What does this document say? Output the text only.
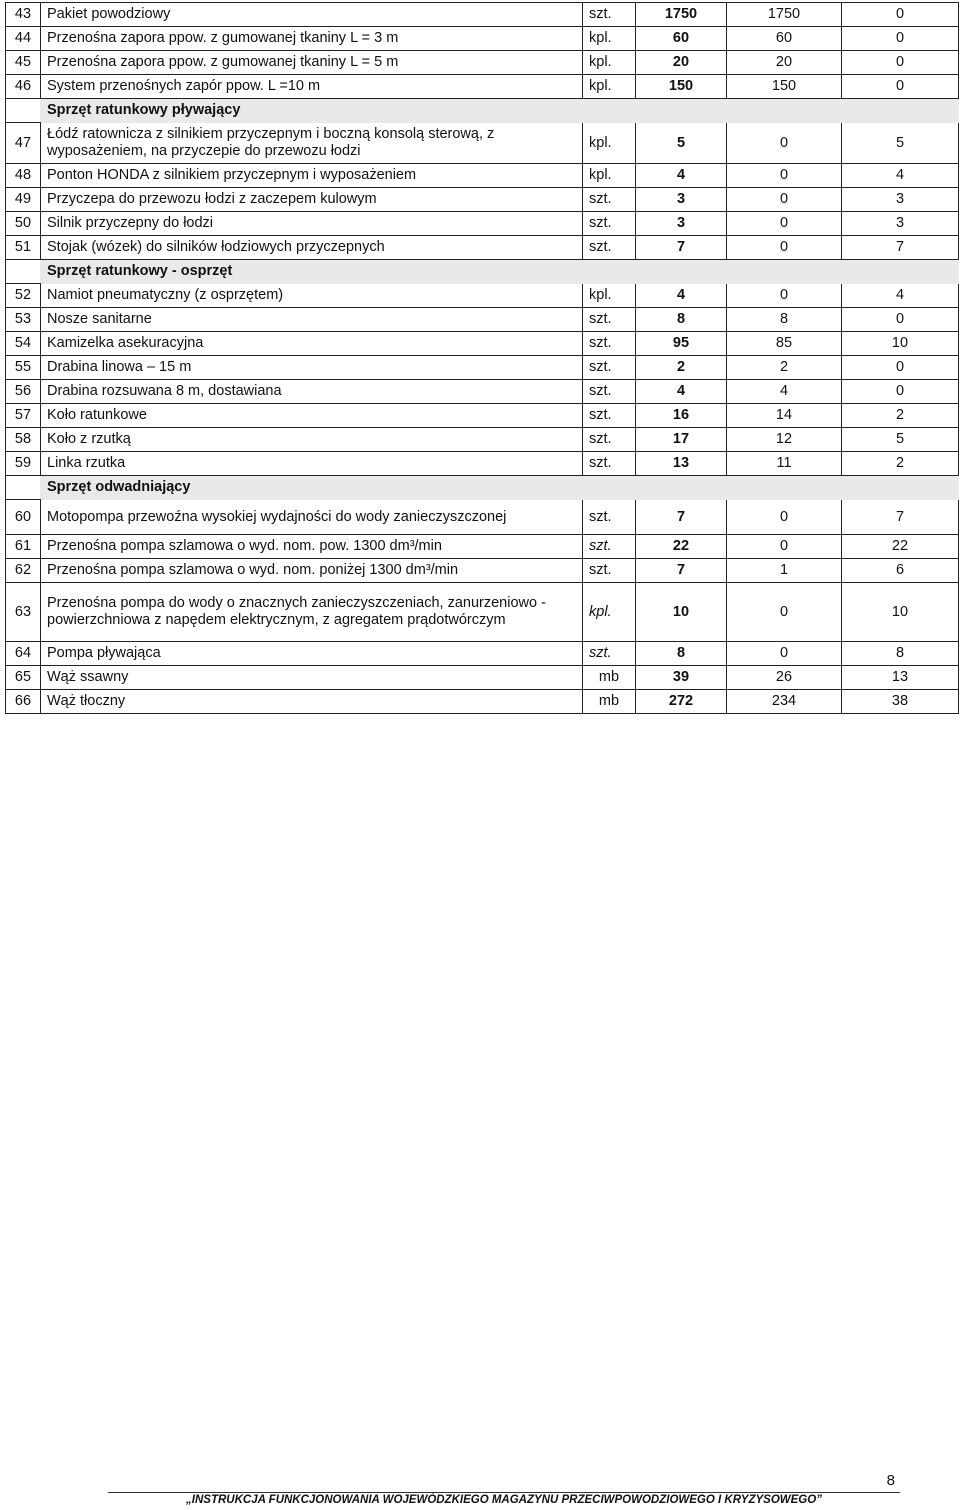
43	Pakiet powodziowy	szt.	1750	1750	0
44	Przenośna zapora ppow. z gumowanej tkaniny L = 3 m	kpl.	60	60	0
45	Przenośna zapora ppow. z gumowanej tkaniny L = 5 m	kpl.	20	20	0
46	System przenośnych zapór ppow. L =10 m	kpl.	150	150	0
	Sprzęt ratunkowy pływający				
47	Łódź ratownicza z silnikiem przyczepnym i boczną konsolą sterową, z wyposażeniem, na przyczepie do przewozu łodzi	kpl.	5	0	5
48	Ponton HONDA z silnikiem przyczepnym i wyposażeniem	kpl.	4	0	4
49	Przyczepa do przewozu łodzi z zaczepem kulowym	szt.	3	0	3
50	Silnik przyczepny do łodzi	szt.	3	0	3
51	Stojak (wózek) do silników łodziowych przyczepnych	szt.	7	0	7
	Sprzęt ratunkowy - osprzęt				
52	Namiot pneumatyczny (z osprzętem)	kpl.	4	0	4
53	Nosze sanitarne	szt.	8	8	0
54	Kamizelka asekuracyjna	szt.	95	85	10
55	Drabina linowa – 15 m	szt.	2	2	0
56	Drabina rozsuwana 8 m, dostawiana	szt.	4	4	0
57	Koło ratunkowe	szt.	16	14	2
58	Koło z rzutką	szt.	17	12	5
59	Linka rzutka	szt.	13	11	2
	Sprzęt odwadniający				
60	Motopompa przewoźna wysokiej wydajności do wody zanieczyszczonej	szt.	7	0	7
61	Przenośna pompa szlamowa o wyd. nom. pow. 1300 dm³/min	szt.	22	0	22
62	Przenośna pompa szlamowa o wyd. nom. poniżej 1300 dm³/min	szt.	7	1	6
63	Przenośna pompa do wody o znacznych zanieczyszczeniach, zanurzeniowo - powierzchniowa z napędem elektrycznym, z agregatem prądotwórczym	kpl.	10	0	10
64	Pompa pływająca	szt.	8	0	8
65	Wąż ssawny	mb	39	26	13
66	Wąż tłoczny	mb	272	234	38
8
„INSTRUKCJA FUNKCJONOWANIA WOJEWÓDZKIEGO MAGAZYNU PRZECIWPOWODZIOWEGO I KRYZYSOWEGO”
